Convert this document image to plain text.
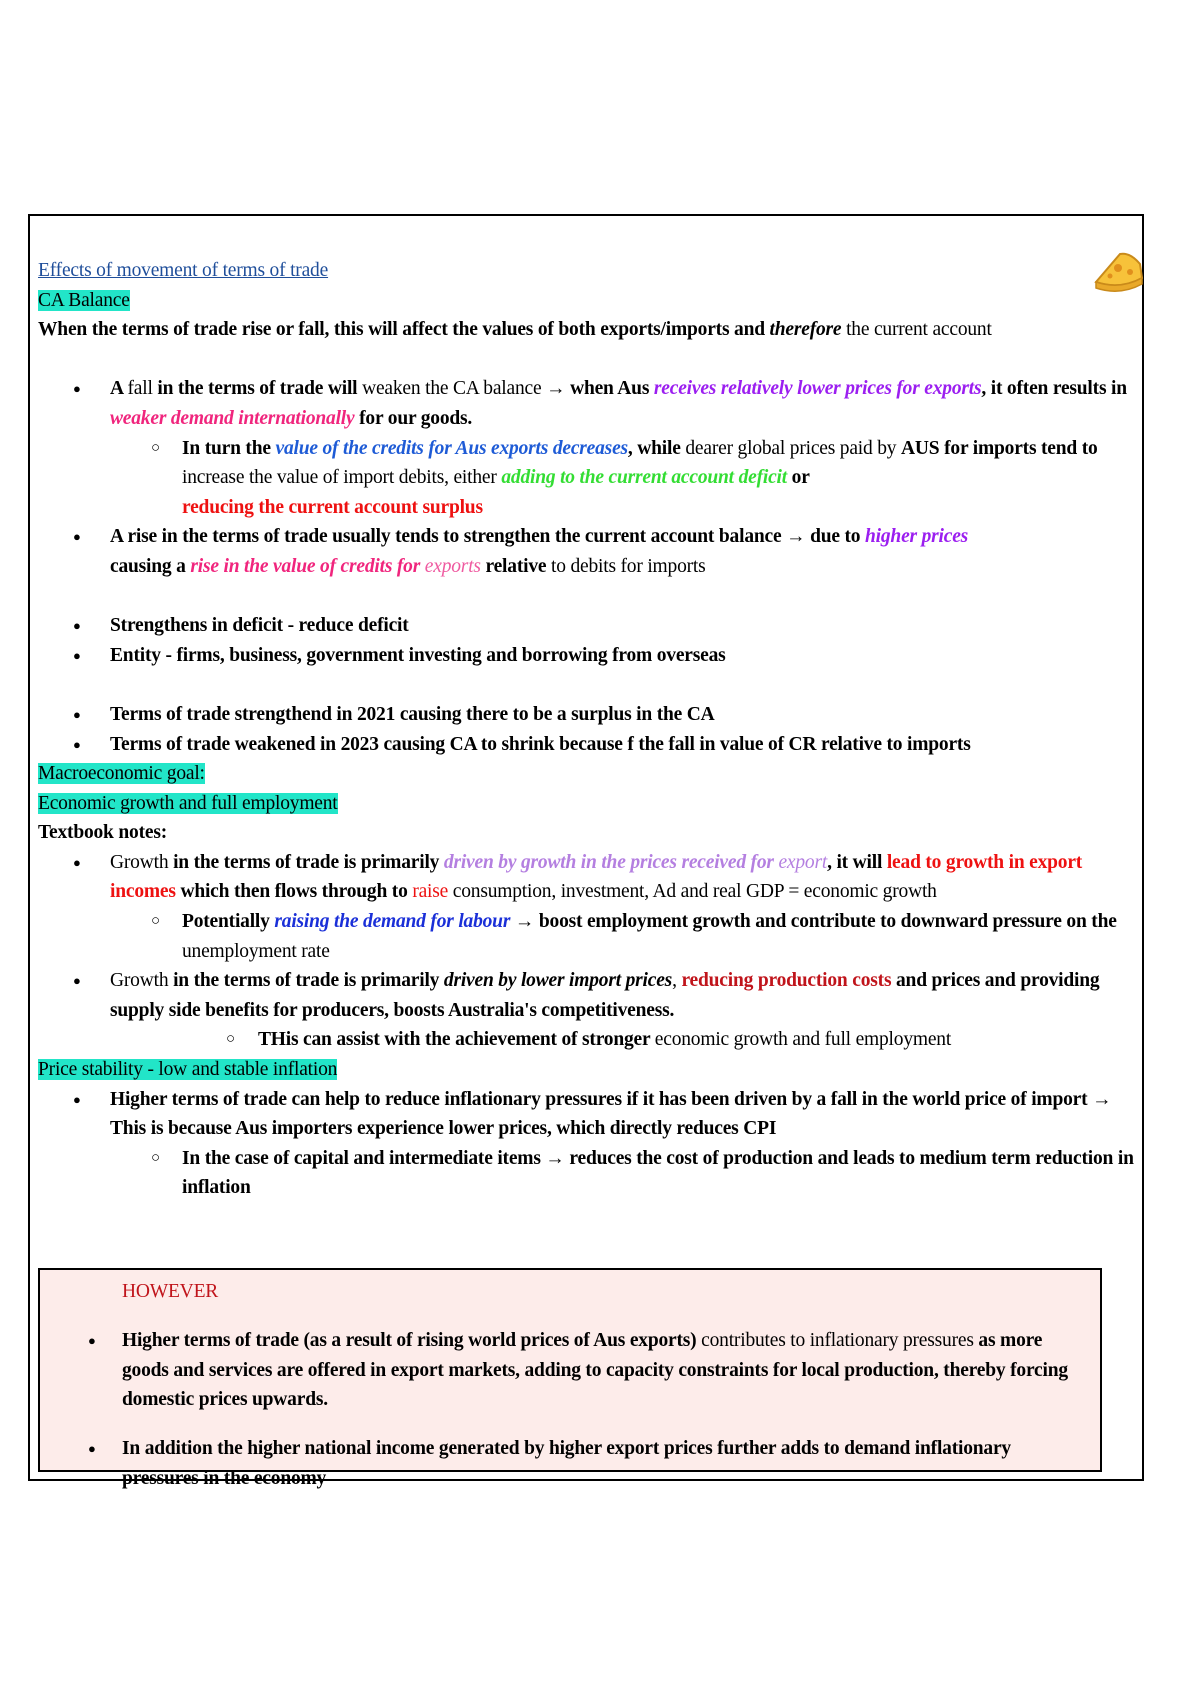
Effects of movement of terms of trade

CA Balance

When the terms of trade rise or fall, this will affect the values of both exports/imports and therefore the current account

● A fall in the terms of trade will weaken the CA balance → when Aus receives relatively lower prices for exports, it often results in weaker demand internationally for our goods.

○ In turn the value of the credits for Aus exports decreases, while dearer global prices paid by AUS for imports tend to increase the value of import debits, either adding to the current account deficit or
reducing the current account surplus

● A rise in the terms of trade usually tends to strengthen the current account balance → due to higher prices
causing a rise in the value of credits for exports relative to debits for imports

● Strengthens in deficit - reduce deficit

● Entity - firms, business, government investing and borrowing from overseas

● Terms of trade strengthend in 2021 causing there to be a surplus in the CA

● Terms of trade weakened in 2023 causing CA to shrink because f the fall in value of CR relative to imports

Macroeconomic goal:

Economic growth and full employment

Textbook notes:

● Growth in the terms of trade is primarily driven by growth in the prices received for export, it will lead to growth in export incomes which then flows through to raise consumption, investment, Ad and real GDP = economic growth

○ Potentially raising the demand for labour → boost employment growth and contribute to downward pressure on the unemployment rate

● Growth in the terms of trade is primarily driven by lower import prices, reducing production costs and prices and providing supply side benefits for producers, boosts Australia's competitiveness.

○ THis can assist with the achievement of stronger economic growth and full employment

Price stability - low and stable inflation

● Higher terms of trade can help to reduce inflationary pressures if it has been driven by a fall in the world price of import → This is because Aus importers experience lower prices, which directly reduces CPI

○ In the case of capital and intermediate items → reduces the cost of production and leads to medium term reduction in inflation

HOWEVER

● Higher terms of trade (as a result of rising world prices of Aus exports) contributes to inflationary pressures as more goods and services are offered in export markets, adding to capacity constraints for local production, thereby forcing domestic prices upwards.

● In addition the higher national income generated by higher export prices further adds to demand inflationary pressures in the economy
